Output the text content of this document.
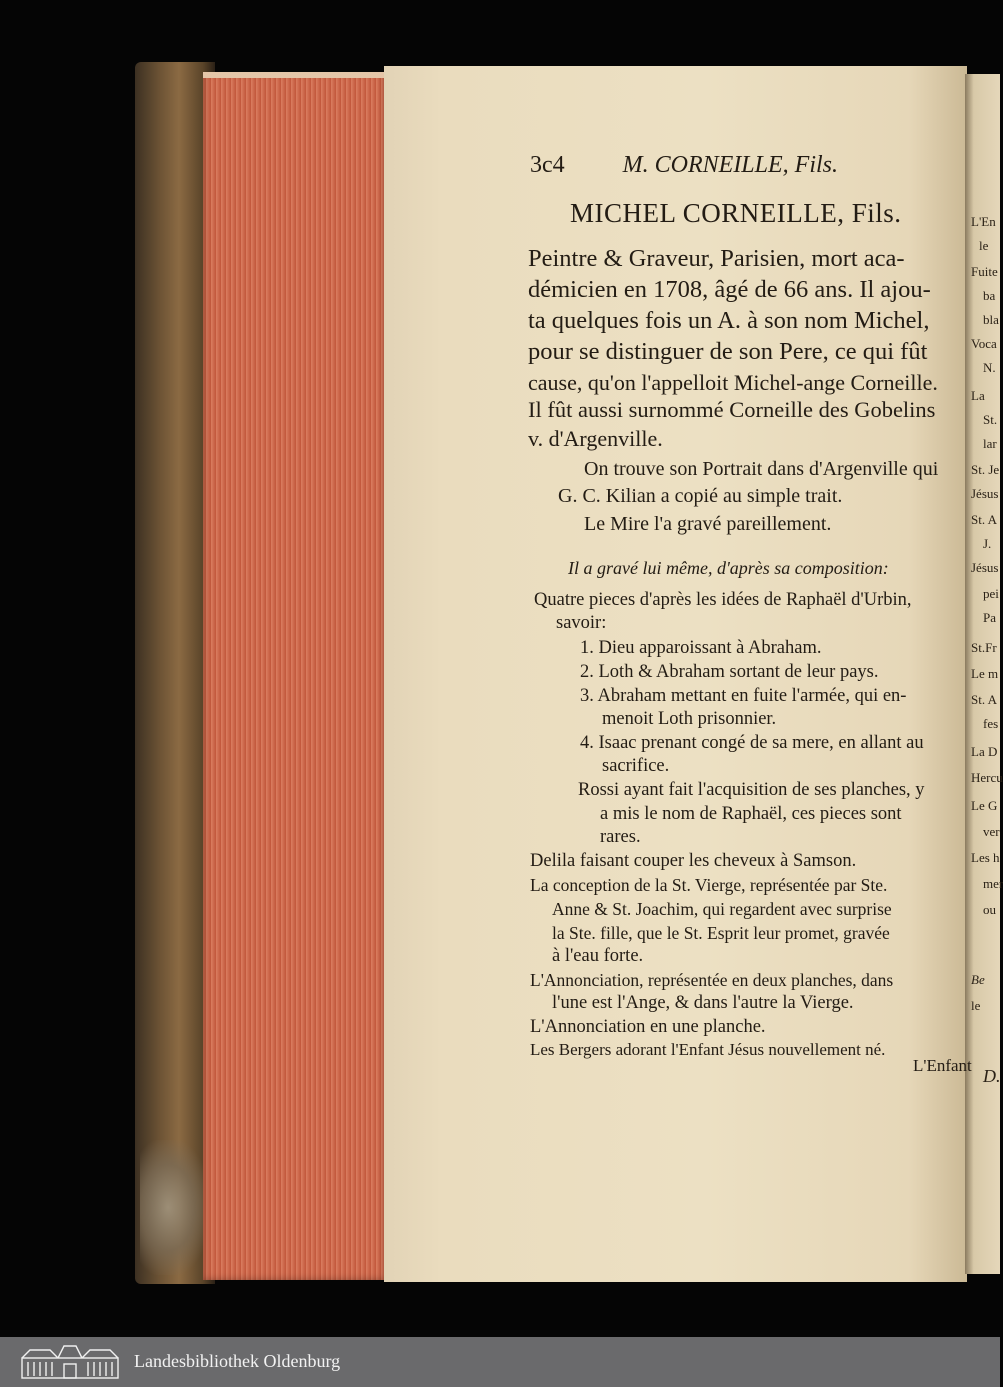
L'En
le
Fuite
ba
bla
Voca
N.
La
St.
lar
St. Je
Jésus
St. A
J.
Jésus
pei
Pa
St.Fr
Le m
St. A
fes
La D
Hercu
Le G
ver
Les h
mer
ou
Be
le
D.
3c4 M. CORNEILLE, Fils.
MICHEL CORNEILLE, Fils.
Peintre & Graveur, Parisien, mort aca-
démicien en 1708, âgé de 66 ans. Il ajou-
ta quelques fois un A. à son nom Michel,
pour se distinguer de son Pere, ce qui fût
cause, qu'on l'appelloit Michel-ange Corneille.
Il fût aussi surnommé Corneille des Gobelins
v. d'Argenville.
On trouve son Portrait dans d'Argenville qui
G. C. Kilian a copié au simple trait.
Le Mire l'a gravé pareillement.
Il a gravé lui même, d'après sa composition:
Quatre pieces d'après les idées de Raphaël d'Urbin,
savoir:
1. Dieu apparoissant à Abraham.
2. Loth & Abraham sortant de leur pays.
3. Abraham mettant en fuite l'armée, qui en-
menoit Loth prisonnier.
4. Isaac prenant congé de sa mere, en allant au
sacrifice.
Rossi ayant fait l'acquisition de ses planches, y
a mis le nom de Raphaël, ces pieces sont
rares.
Delila faisant couper les cheveux à Samson.
La conception de la St. Vierge, représentée par Ste.
Anne & St. Joachim, qui regardent avec surprise
la Ste. fille, que le St. Esprit leur promet, gravée
à l'eau forte.
L'Annonciation, représentée en deux planches, dans
l'une est l'Ange, & dans l'autre la Vierge.
L'Annonciation en une planche.
Les Bergers adorant l'Enfant Jésus nouvellement né.
L'Enfant
Landesbibliothek Oldenburg
